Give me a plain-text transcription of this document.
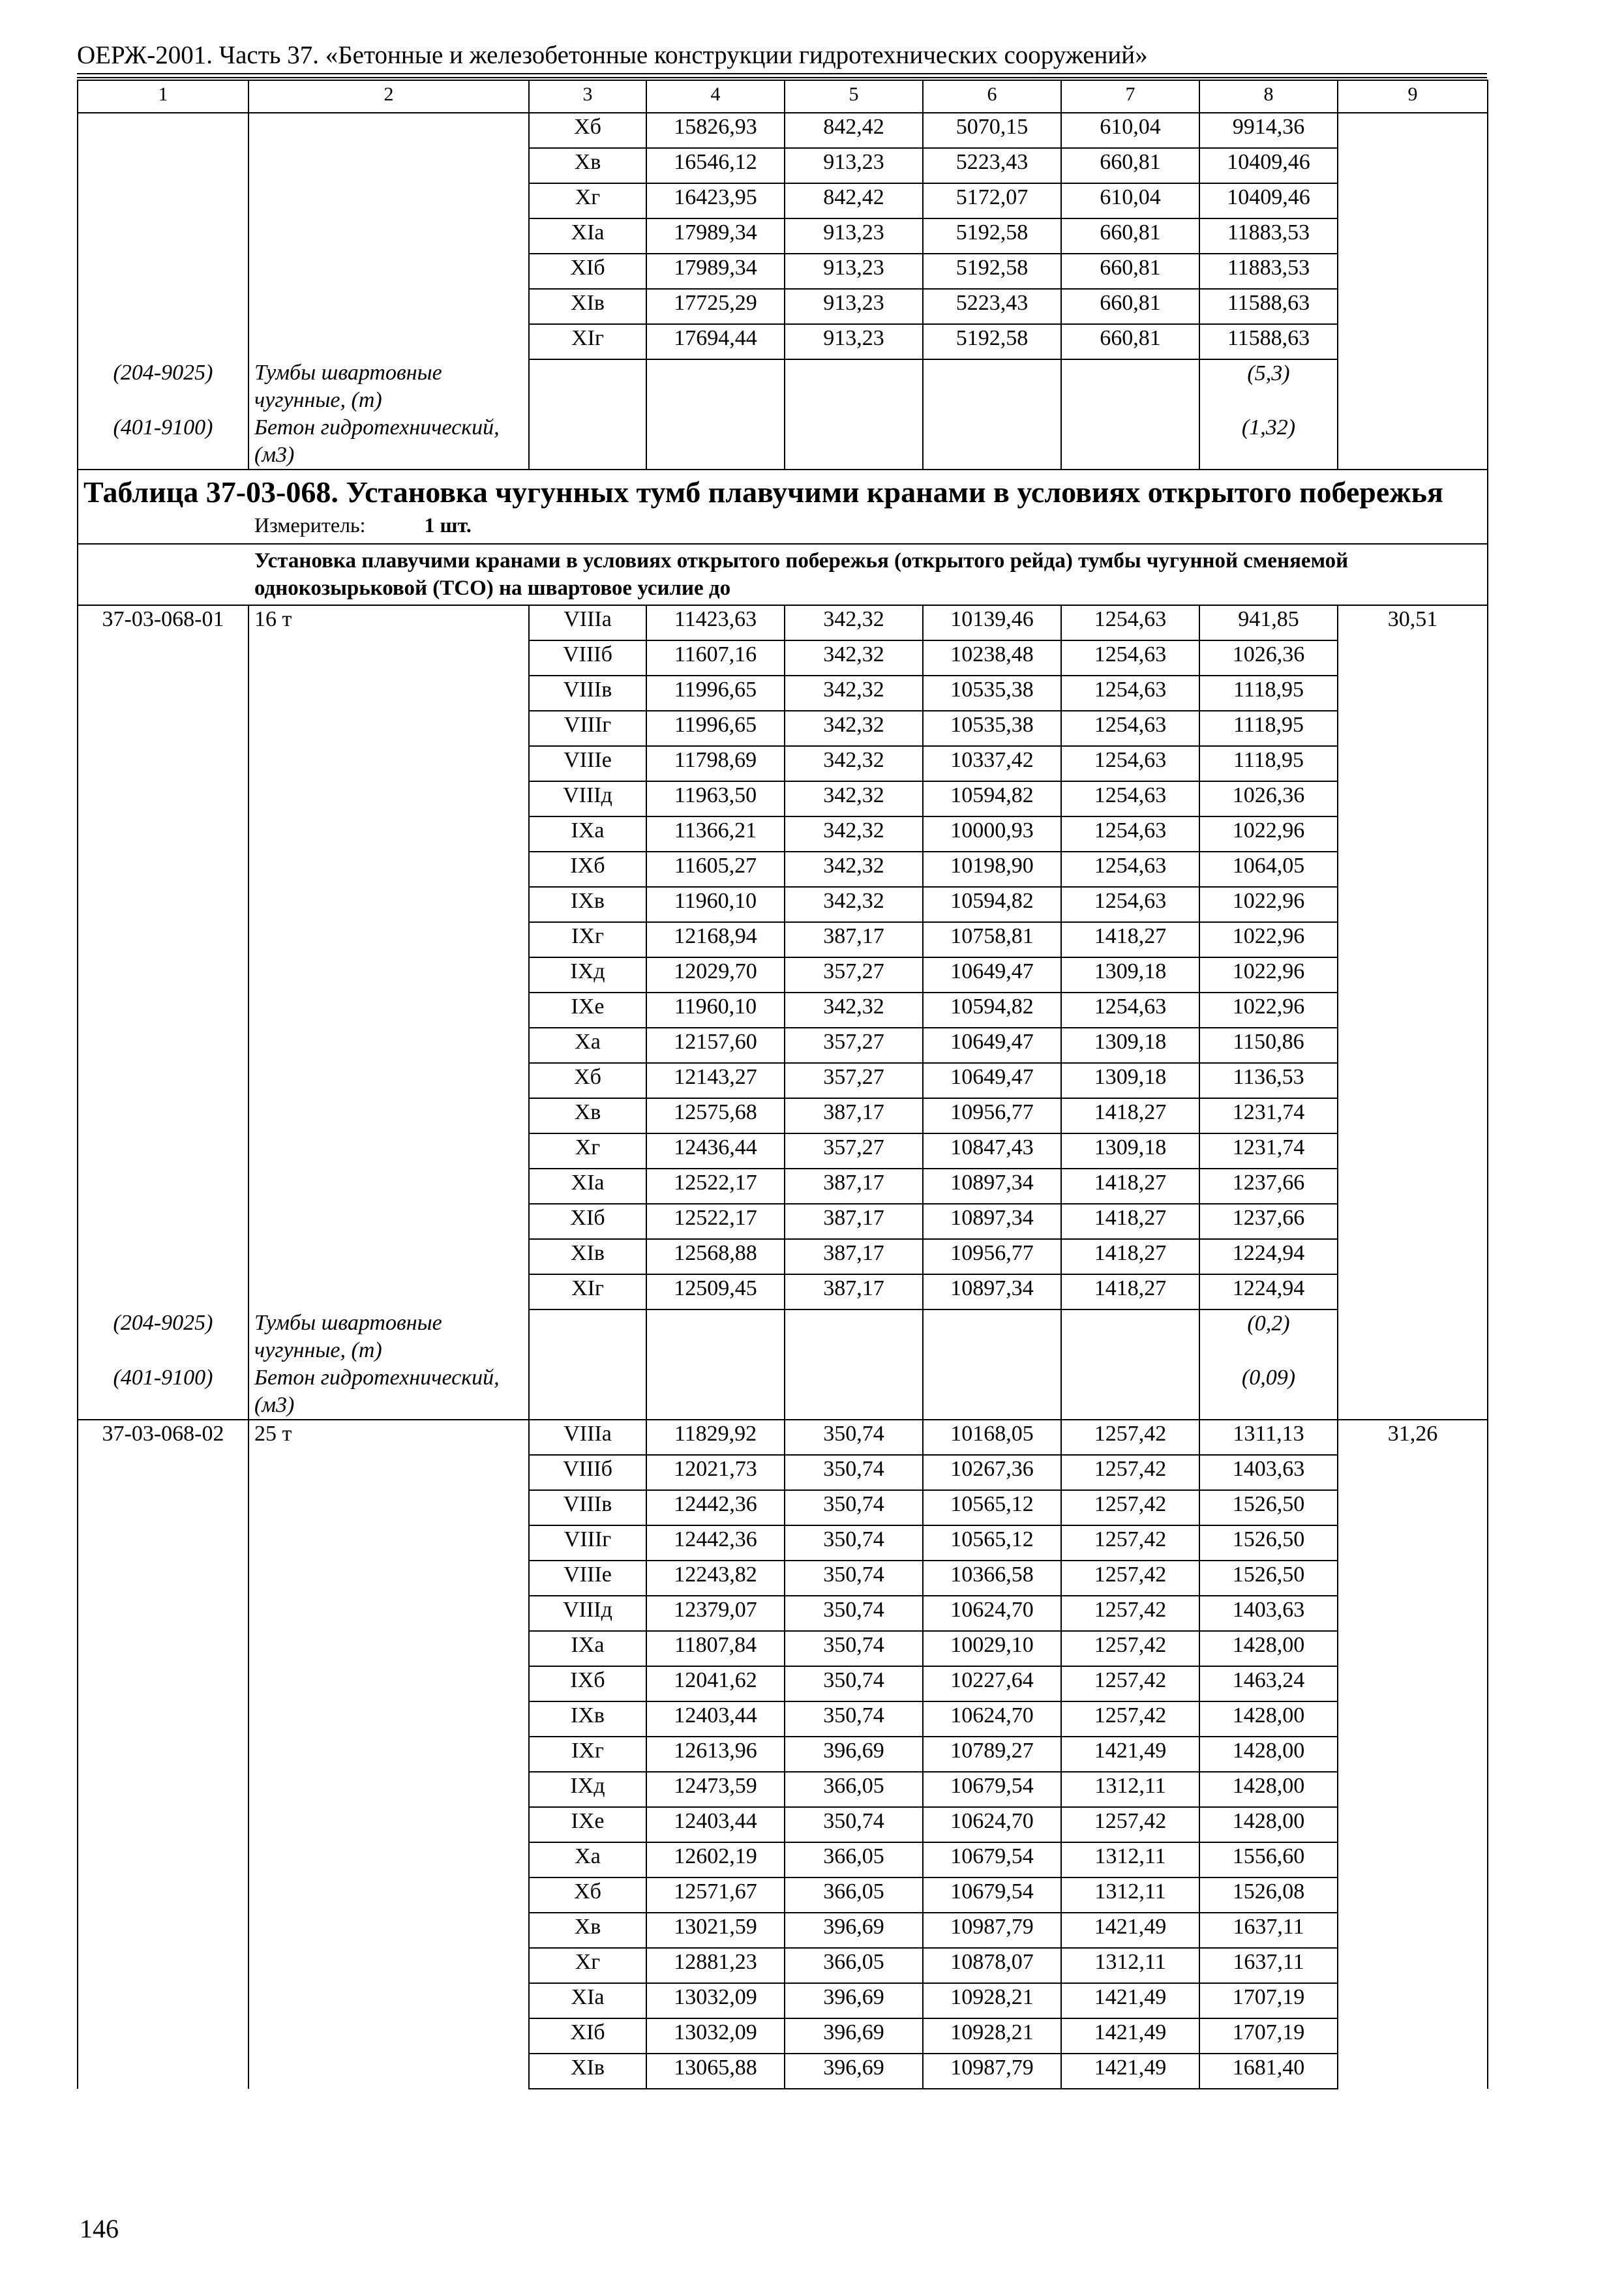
ОЕРЖ-2001. Часть 37. «Бетонные и железобетонные конструкции гидротехнических сооружений»
1	2	3	4	5	6	7	8	9
		Хб	15826,93	842,42	5070,15	610,04	9914,36	
		Хв	16546,12	913,23	5223,43	660,81	10409,46	
		Хг	16423,95	842,42	5172,07	610,04	10409,46	
		XIa	17989,34	913,23	5192,58	660,81	11883,53	
		XIб	17989,34	913,23	5192,58	660,81	11883,53	
		XIв	17725,29	913,23	5223,43	660,81	11588,63	
		XIг	17694,44	913,23	5192,58	660,81	11588,63	
(204-9025)	Тумбы швартовные чугунные, (т)						(5,3)	
(401-9100)	Бетон гидротехнический, (м3)						(1,32)	

Таблица 37-03-068. Установка чугунных тумб плавучими кранами в условиях открытого побережья
Измеритель: 1 шт.								

Установка плавучими кранами в условиях открытого побережья (открытого рейда) тумбы чугунной сменяемой однокозырьковой (ТСО) на швартовое усилие до								
37-03-068-01	16 т	VIIIa	11423,63	342,32	10139,46	1254,63	941,85	30,51
		VIIIб	11607,16	342,32	10238,48	1254,63	1026,36	
		VIIIв	11996,65	342,32	10535,38	1254,63	1118,95	
		VIIIг	11996,65	342,32	10535,38	1254,63	1118,95	
		VIIIe	11798,69	342,32	10337,42	1254,63	1118,95	
		VIIIд	11963,50	342,32	10594,82	1254,63	1026,36	
		IXa	11366,21	342,32	10000,93	1254,63	1022,96	
		IXб	11605,27	342,32	10198,90	1254,63	1064,05	
		IXв	11960,10	342,32	10594,82	1254,63	1022,96	
		IXг	12168,94	387,17	10758,81	1418,27	1022,96	
		IXд	12029,70	357,27	10649,47	1309,18	1022,96	
		IXe	11960,10	342,32	10594,82	1254,63	1022,96	
		Xa	12157,60	357,27	10649,47	1309,18	1150,86	
		Хб	12143,27	357,27	10649,47	1309,18	1136,53	
		Хв	12575,68	387,17	10956,77	1418,27	1231,74	
		Хг	12436,44	357,27	10847,43	1309,18	1231,74	
		XIa	12522,17	387,17	10897,34	1418,27	1237,66	
		XIб	12522,17	387,17	10897,34	1418,27	1237,66	
		XIв	12568,88	387,17	10956,77	1418,27	1224,94	
		XIг	12509,45	387,17	10897,34	1418,27	1224,94	
(204-9025)	Тумбы швартовные чугунные, (т)						(0,2)	
(401-9100)	Бетон гидротехнический, (м3)						(0,09)	
37-03-068-02	25 т	VIIIa	11829,92	350,74	10168,05	1257,42	1311,13	31,26
		VIIIб	12021,73	350,74	10267,36	1257,42	1403,63	
		VIIIв	12442,36	350,74	10565,12	1257,42	1526,50	
		VIIIг	12442,36	350,74	10565,12	1257,42	1526,50	
		VIIIe	12243,82	350,74	10366,58	1257,42	1526,50	
		VIIIд	12379,07	350,74	10624,70	1257,42	1403,63	
		IXa	11807,84	350,74	10029,10	1257,42	1428,00	
		IXб	12041,62	350,74	10227,64	1257,42	1463,24	
		IXв	12403,44	350,74	10624,70	1257,42	1428,00	
		IXг	12613,96	396,69	10789,27	1421,49	1428,00	
		IXд	12473,59	366,05	10679,54	1312,11	1428,00	
		IXe	12403,44	350,74	10624,70	1257,42	1428,00	
		Xa	12602,19	366,05	10679,54	1312,11	1556,60	
		Хб	12571,67	366,05	10679,54	1312,11	1526,08	
		Хв	13021,59	396,69	10987,79	1421,49	1637,11	
		Хг	12881,23	366,05	10878,07	1312,11	1637,11	
		XIa	13032,09	396,69	10928,21	1421,49	1707,19	
		XIб	13032,09	396,69	10928,21	1421,49	1707,19	
		XIв	13065,88	396,69	10987,79	1421,49	1681,40	
146
